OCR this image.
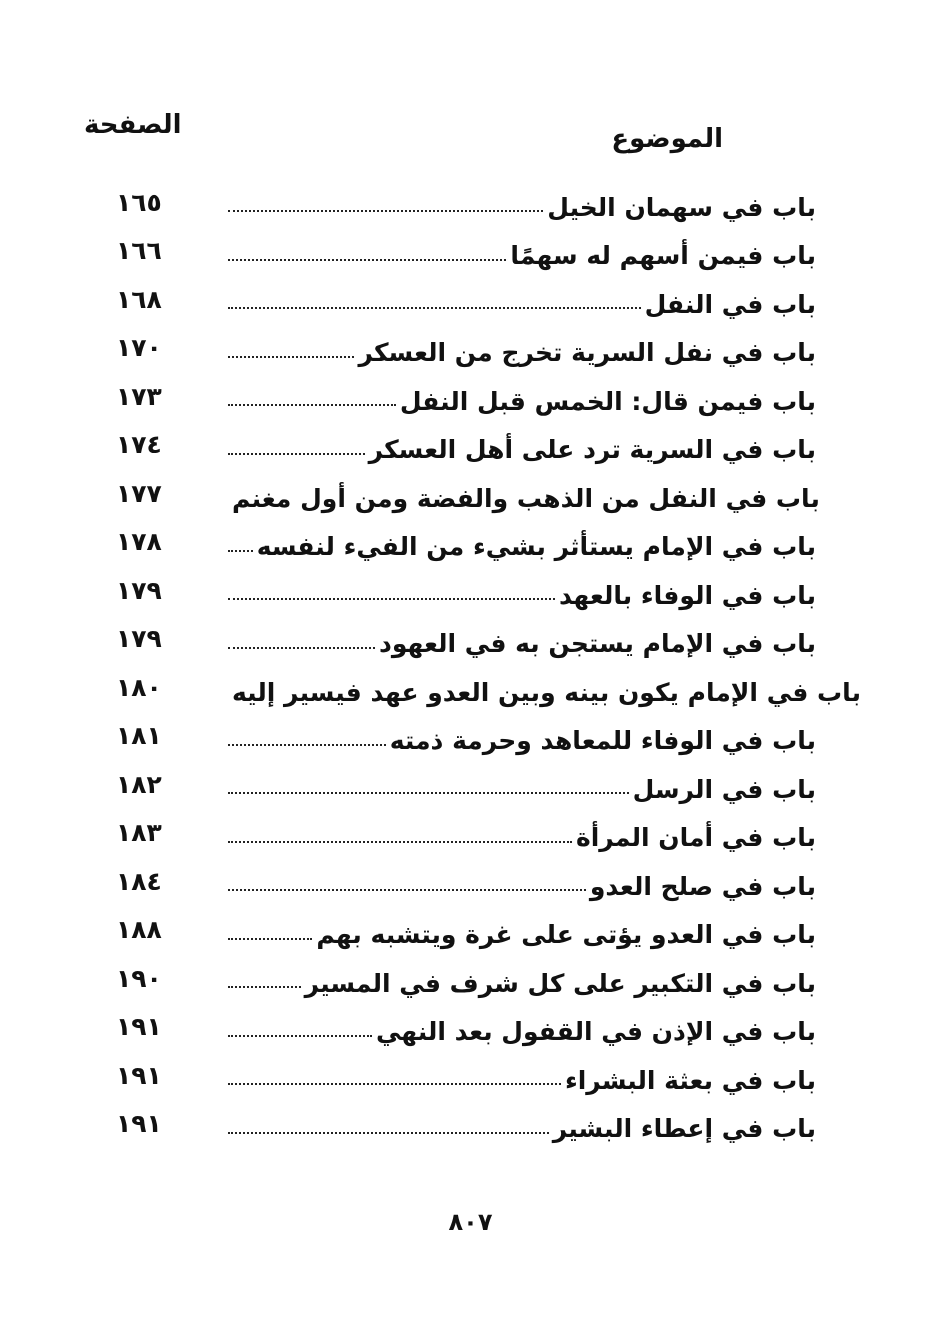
الموضوع
الصفحة
١٦٥	باب في سهمان الخيل
١٦٦	باب فيمن أسهم له سهمًا
١٦٨	باب في النفل
١٧٠	باب في نفل السرية تخرج من العسكر
١٧٣	باب فيمن قال: الخمس قبل النفل
١٧٤	باب في السرية ترد على أهل العسكر
١٧٧	باب في النفل من الذهب والفضة ومن أول مغنم
١٧٨	باب في الإمام يستأثر بشيء من الفيء لنفسه
١٧٩	باب في الوفاء بالعهد
١٧٩	باب في الإمام يستجن به في العهود
١٨٠	باب في الإمام يكون بينه وبين العدو عهد فيسير إليه
١٨١	باب في الوفاء للمعاهد وحرمة ذمته
١٨٢	باب في الرسل
١٨٣	باب في أمان المرأة
١٨٤	باب في صلح العدو
١٨٨	باب في العدو يؤتى على غرة ويتشبه بهم
١٩٠	باب في التكبير على كل شرف في المسير
١٩١	باب في الإذن في القفول بعد النهي
١٩١	باب في بعثة البشراء
١٩١	باب في إعطاء البشير
٨٠٧
